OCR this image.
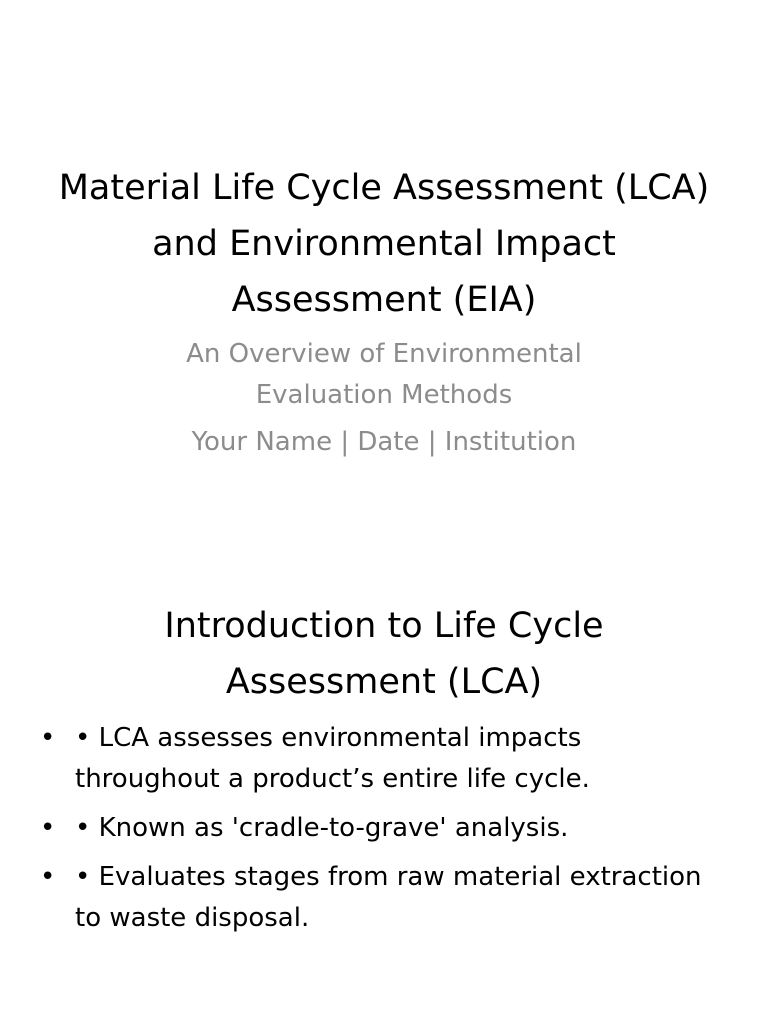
Material Life Cycle Assessment (LCA) and Environmental Impact Assessment (EIA)

An Overview of Environmental
Evaluation Methods

Your Name | Date | Institution

Introduction to Life Cycle
Assessment (LCA)
• • LCA assesses environmental impacts throughout a product’s entire life cycle.
• • Known as 'cradle-to-grave' analysis.
• • Evaluates stages from raw material extraction to waste disposal.
